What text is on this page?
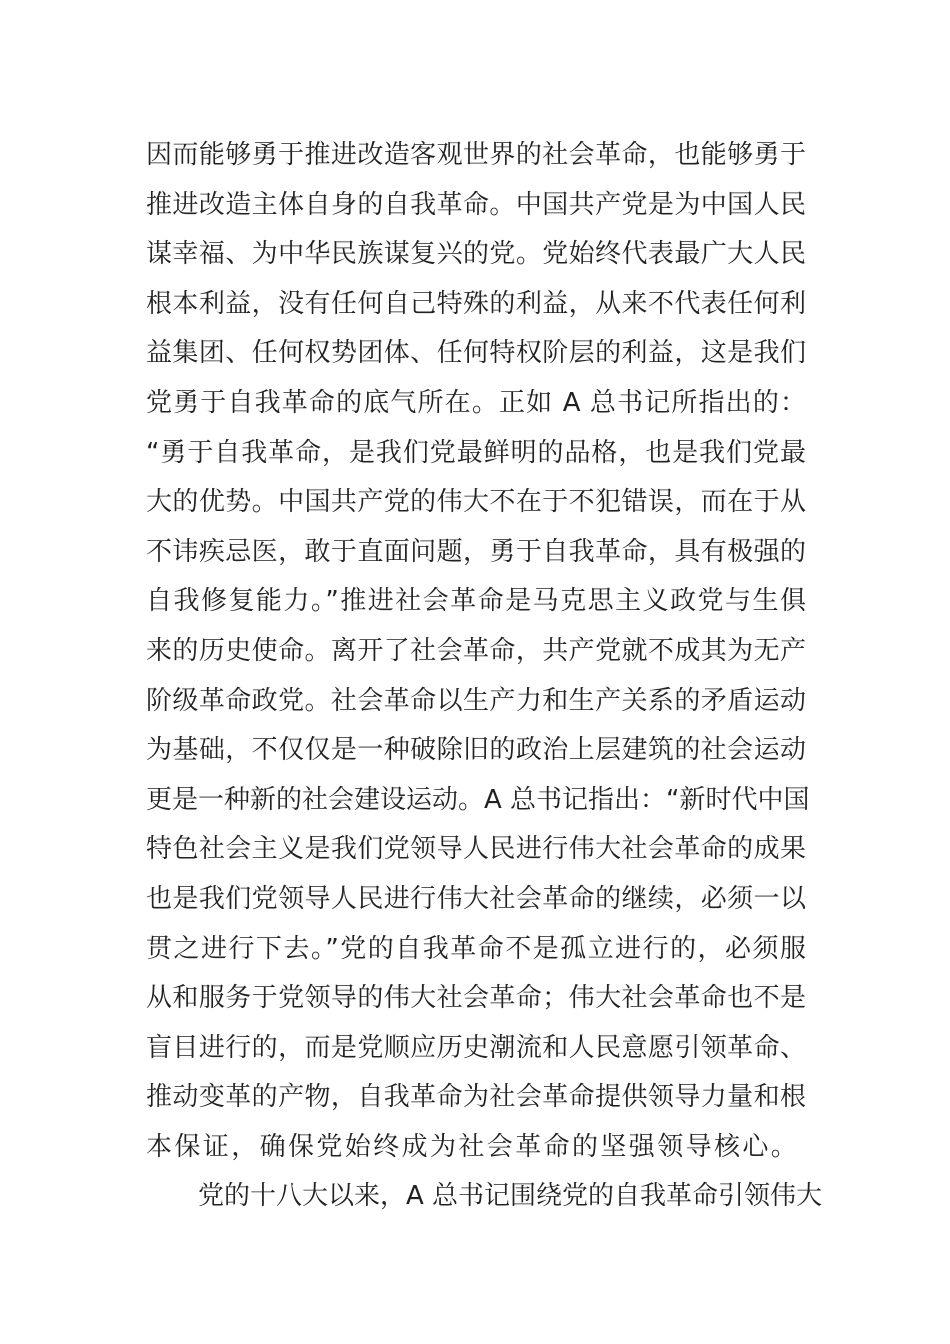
因而能够勇于推进改造客观世界的社会革命，也能够勇于
推进改造主体自身的自我革命。中国共产党是为中国人民
谋幸福、为中华民族谋复兴的党。党始终代表最广大人民
根本利益，没有任何自己特殊的利益，从来不代表任何利
益集团、任何权势团体、任何特权阶层的利益，这是我们
党勇于自我革命的底气所在。正如 A 总书记所指出的：
“勇于自我革命，是我们党最鲜明的品格，也是我们党最
大的优势。中国共产党的伟大不在于不犯错误，而在于从
不讳疾忌医，敢于直面问题，勇于自我革命，具有极强的
自我修复能力。”推进社会革命是马克思主义政党与生俱
来的历史使命。离开了社会革命，共产党就不成其为无产
阶级革命政党。社会革命以生产力和生产关系的矛盾运动
为基础，不仅仅是一种破除旧的政治上层建筑的社会运动
更是一种新的社会建设运动。A 总书记指出：“新时代中国
特色社会主义是我们党领导人民进行伟大社会革命的成果
也是我们党领导人民进行伟大社会革命的继续，必须一以
贯之进行下去。”党的自我革命不是孤立进行的，必须服
从和服务于党领导的伟大社会革命；伟大社会革命也不是
盲目进行的，而是党顺应历史潮流和人民意愿引领革命、
推动变革的产物，自我革命为社会革命提供领导力量和根
本保证，确保党始终成为社会革命的坚强领导核心。
党的十八大以来，A 总书记围绕党的自我革命引领伟大
